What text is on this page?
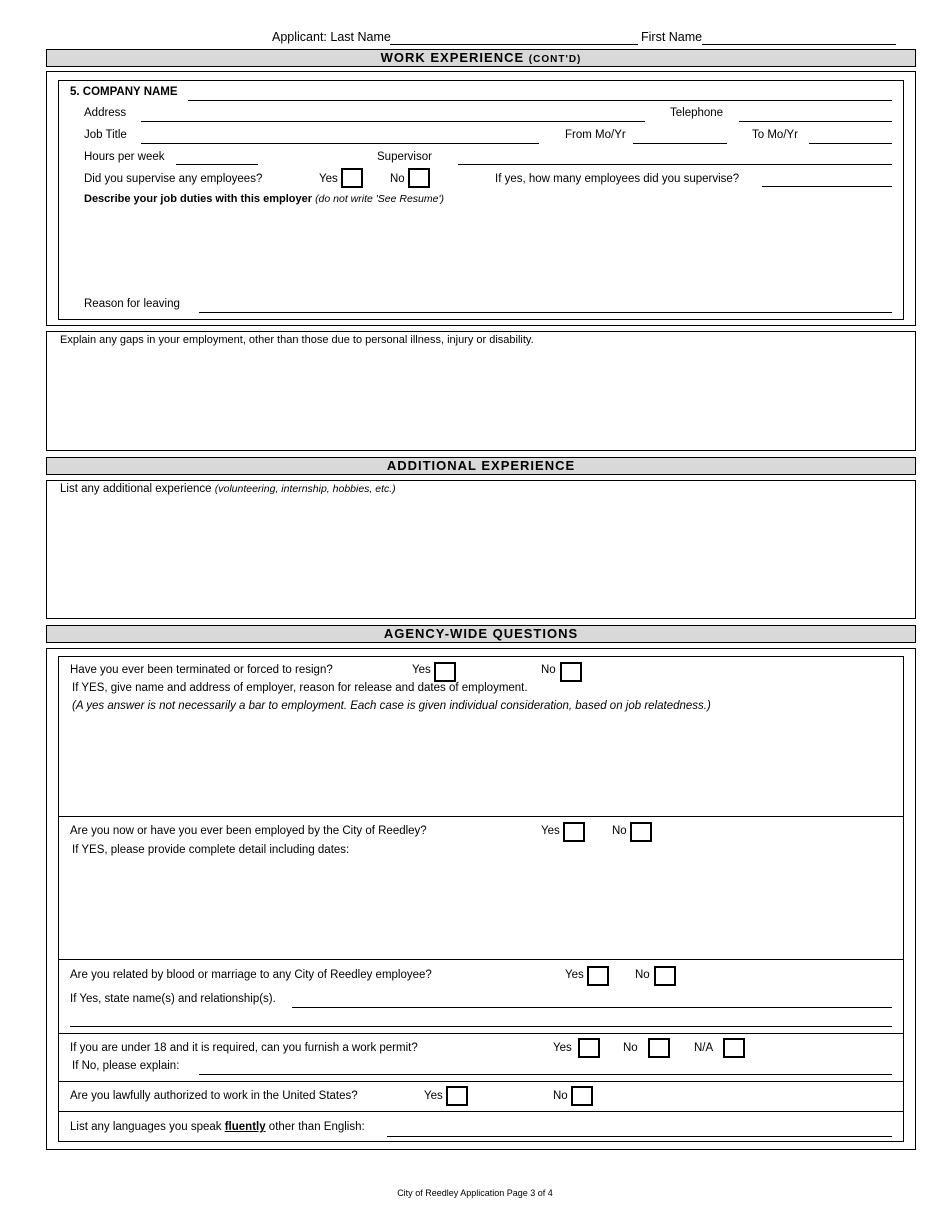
Applicant: Last Name	First Name
WORK EXPERIENCE (CONT'D)
5. COMPANY NAME
Address	Telephone
Job Title	From Mo/Yr	To Mo/Yr
Hours per week	Supervisor
Did you supervise any employees?	Yes	No	If yes, how many employees did you supervise?
Describe your job duties with this employer (do not write 'See Resume')
Reason for leaving
Explain any gaps in your employment, other than those due to personal illness, injury or disability.
ADDITIONAL EXPERIENCE
List any additional experience (volunteering, internship, hobbies, etc.)
AGENCY-WIDE QUESTIONS
Have you ever been terminated or forced to resign?	Yes	No
If YES, give name and address of employer, reason for release and dates of employment.
(A yes answer is not necessarily a bar to employment. Each case is given individual consideration, based on job relatedness.)
Are you now or have you ever been employed by the City of Reedley?	Yes	No
If YES, please provide complete detail including dates:
Are you related by blood or marriage to any City of Reedley employee?	Yes	No
If Yes, state name(s) and relationship(s).
If you are under 18 and it is required, can you furnish a work permit?	Yes	No	N/A
If No, please explain:
Are you lawfully authorized to work in the United States?	Yes	No
List any languages you speak fluently other than English:
City of Reedley Application Page 3 of 4
